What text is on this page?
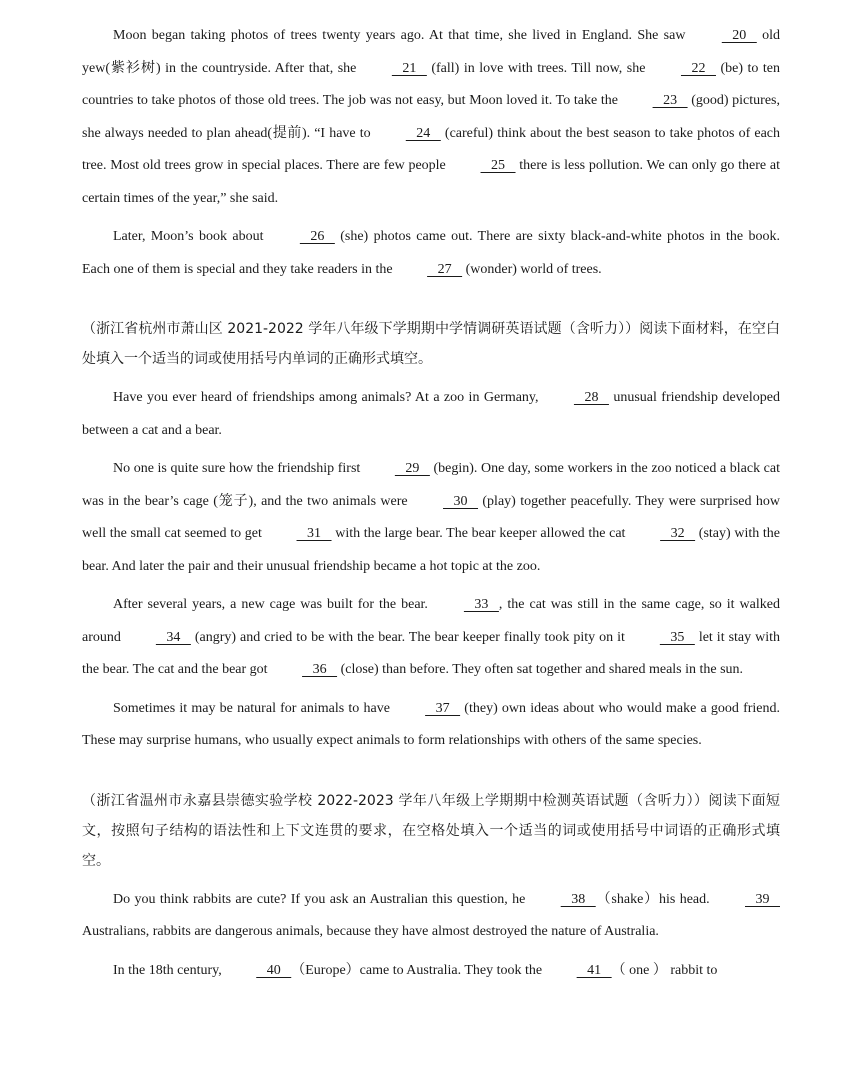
Moon began taking photos of trees twenty years ago. At that time, she lived in England. She saw    20    old yew(紫衫树) in the countryside. After that, she    21    (fall) in love with trees. Till now, she    22    (be) to ten countries to take photos of those old trees. The job was not easy, but Moon loved it. To take the    23    (good) pictures, she always needed to plan ahead(提前). “I have to    24    (careful) think about the best season to take photos of each tree. Most old trees grow in special places. There are few people    25    there is less pollution. We can only go there at certain times of the year,” she said.

Later, Moon’s book about    26    (she) photos came out. There are sixty black-and-white photos in the book. Each one of them is special and they take readers in the    27    (wonder) world of trees.

（浙江省杭州市萧山区 2021-2022 学年八年级下学期期中学情调研英语试题（含听力））阅读下面材料，在空白处填入一个适当的词或使用括号内单词的正确形式填空。

Have you ever heard of friendships among animals? At a zoo in Germany,    28    unusual friendship developed between a cat and a bear.

No one is quite sure how the friendship first    29    (begin). One day, some workers in the zoo noticed a black cat was in the bear’s cage (笼子), and the two animals were    30    (play) together peacefully. They were surprised how well the small cat seemed to get    31    with the large bear. The bear keeper allowed the cat    32    (stay) with the bear. And later the pair and their unusual friendship became a hot topic at the zoo.

After several years, a new cage was built for the bear.    33   , the cat was still in the same cage, so it walked around    34    (angry) and cried to be with the bear. The bear keeper finally took pity on it    35    let it stay with the bear. The cat and the bear got    36    (close) than before. They often sat together and shared meals in the sun.

Sometimes it may be natural for animals to have    37    (they) own ideas about who would make a good friend. These may surprise humans, who usually expect animals to form relationships with others of the same species.

（浙江省温州市永嘉县崇德实验学校 2022-2023 学年八年级上学期期中检测英语试题（含听力））阅读下面短文，按照句子结构的语法性和上下文连贯的要求，在空格处填入一个适当的词或使用括号中词语的正确形式填空。

Do you think rabbits are cute? If you ask an Australian this question, he    38   （shake）his head.    39    Australians, rabbits are dangerous animals, because they have almost destroyed the nature of Australia.

In the 18th century,    40   （Europe）came to Australia. They took the    41   （ one ） rabbit to
